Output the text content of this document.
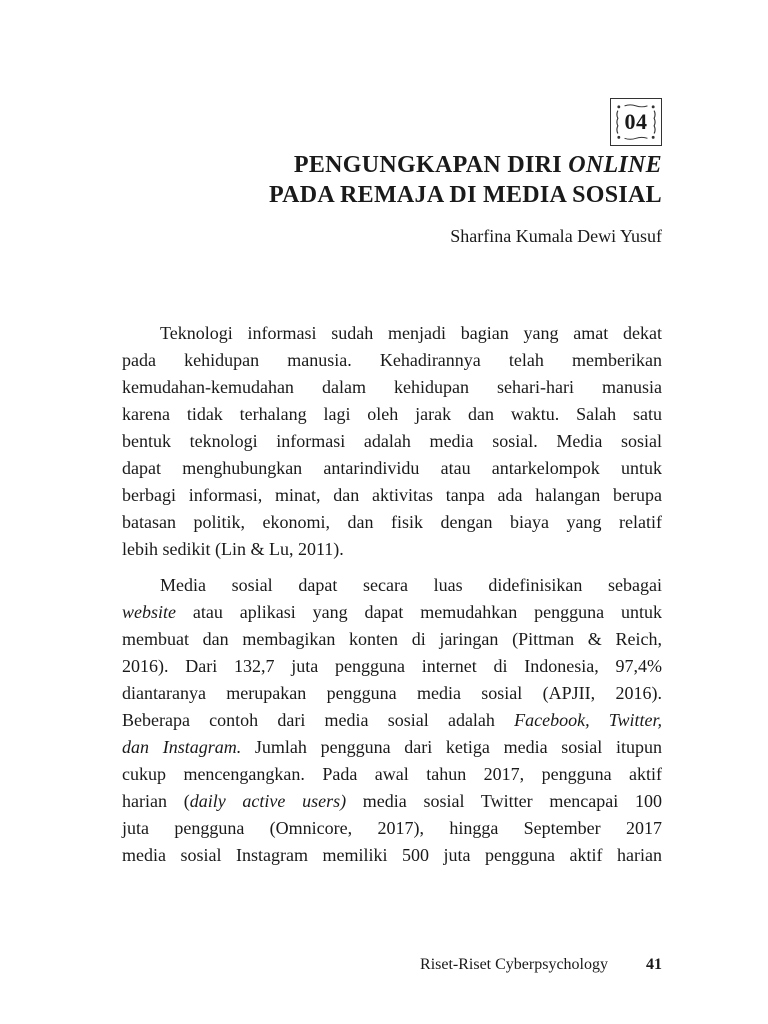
04
PENGUNGKAPAN DIRI ONLINE
PADA REMAJA DI MEDIA SOSIAL
Sharfina Kumala Dewi Yusuf
Teknologi informasi sudah menjadi bagian yang amat dekat
pada kehidupan manusia. Kehadirannya telah memberikan
kemudahan-kemudahan dalam kehidupan sehari-hari manusia
karena tidak terhalang lagi oleh jarak dan waktu. Salah satu
bentuk teknologi informasi adalah media sosial. Media sosial
dapat menghubungkan antarindividu atau antarkelompok untuk
berbagi informasi, minat, dan aktivitas tanpa ada halangan berupa
batasan politik, ekonomi, dan fisik dengan biaya yang relatif
lebih sedikit (Lin & Lu, 2011).
Media sosial dapat secara luas didefinisikan sebagai
website atau aplikasi yang dapat memudahkan pengguna untuk
membuat dan membagikan konten di jaringan (Pittman & Reich,
2016). Dari 132,7 juta pengguna internet di Indonesia, 97,4%
diantaranya merupakan pengguna media sosial (APJII, 2016).
Beberapa contoh dari media sosial adalah Facebook, Twitter,
dan Instagram. Jumlah pengguna dari ketiga media sosial itupun
cukup mencengangkan. Pada awal tahun 2017, pengguna aktif
harian (daily active users) media sosial Twitter mencapai 100
juta pengguna (Omnicore, 2017), hingga September 2017
media sosial Instagram memiliki 500 juta pengguna aktif harian
Riset-Riset Cyberpsychology 41
